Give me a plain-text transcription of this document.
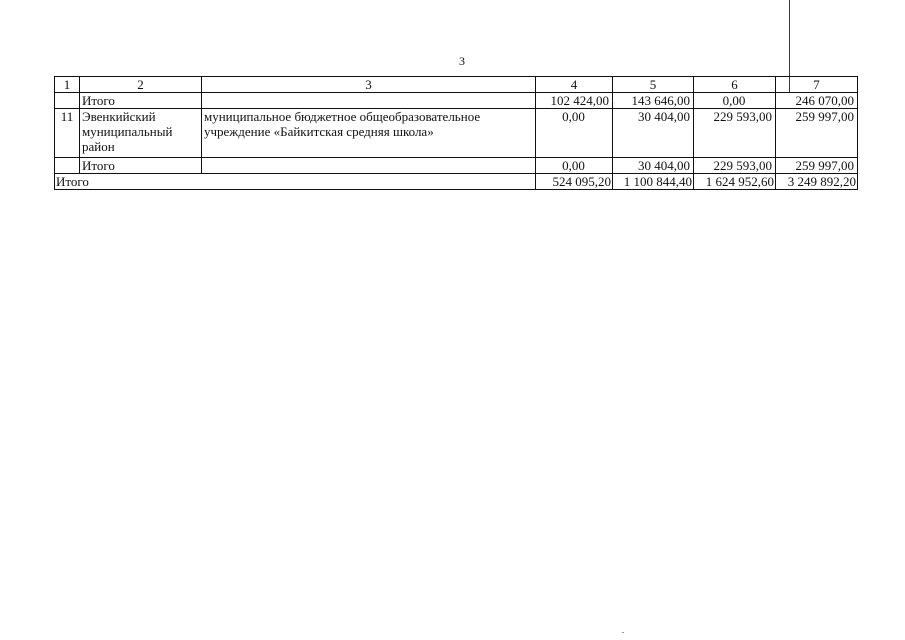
3
1	2	3	4	5	6	7
	Итого		102 424,00	143 646,00	0,00	246 070,00
11	Эвенкийский муниципальный район	муниципальное бюджетное общеобразовательное учреждение «Байкитская средняя школа»	0,00	30 404,00	229 593,00	259 997,00
	Итого		0,00	30 404,00	229 593,00	259 997,00
Итого			524 095,20	1 100 844,40	1 624 952,60	3 249 892,20
